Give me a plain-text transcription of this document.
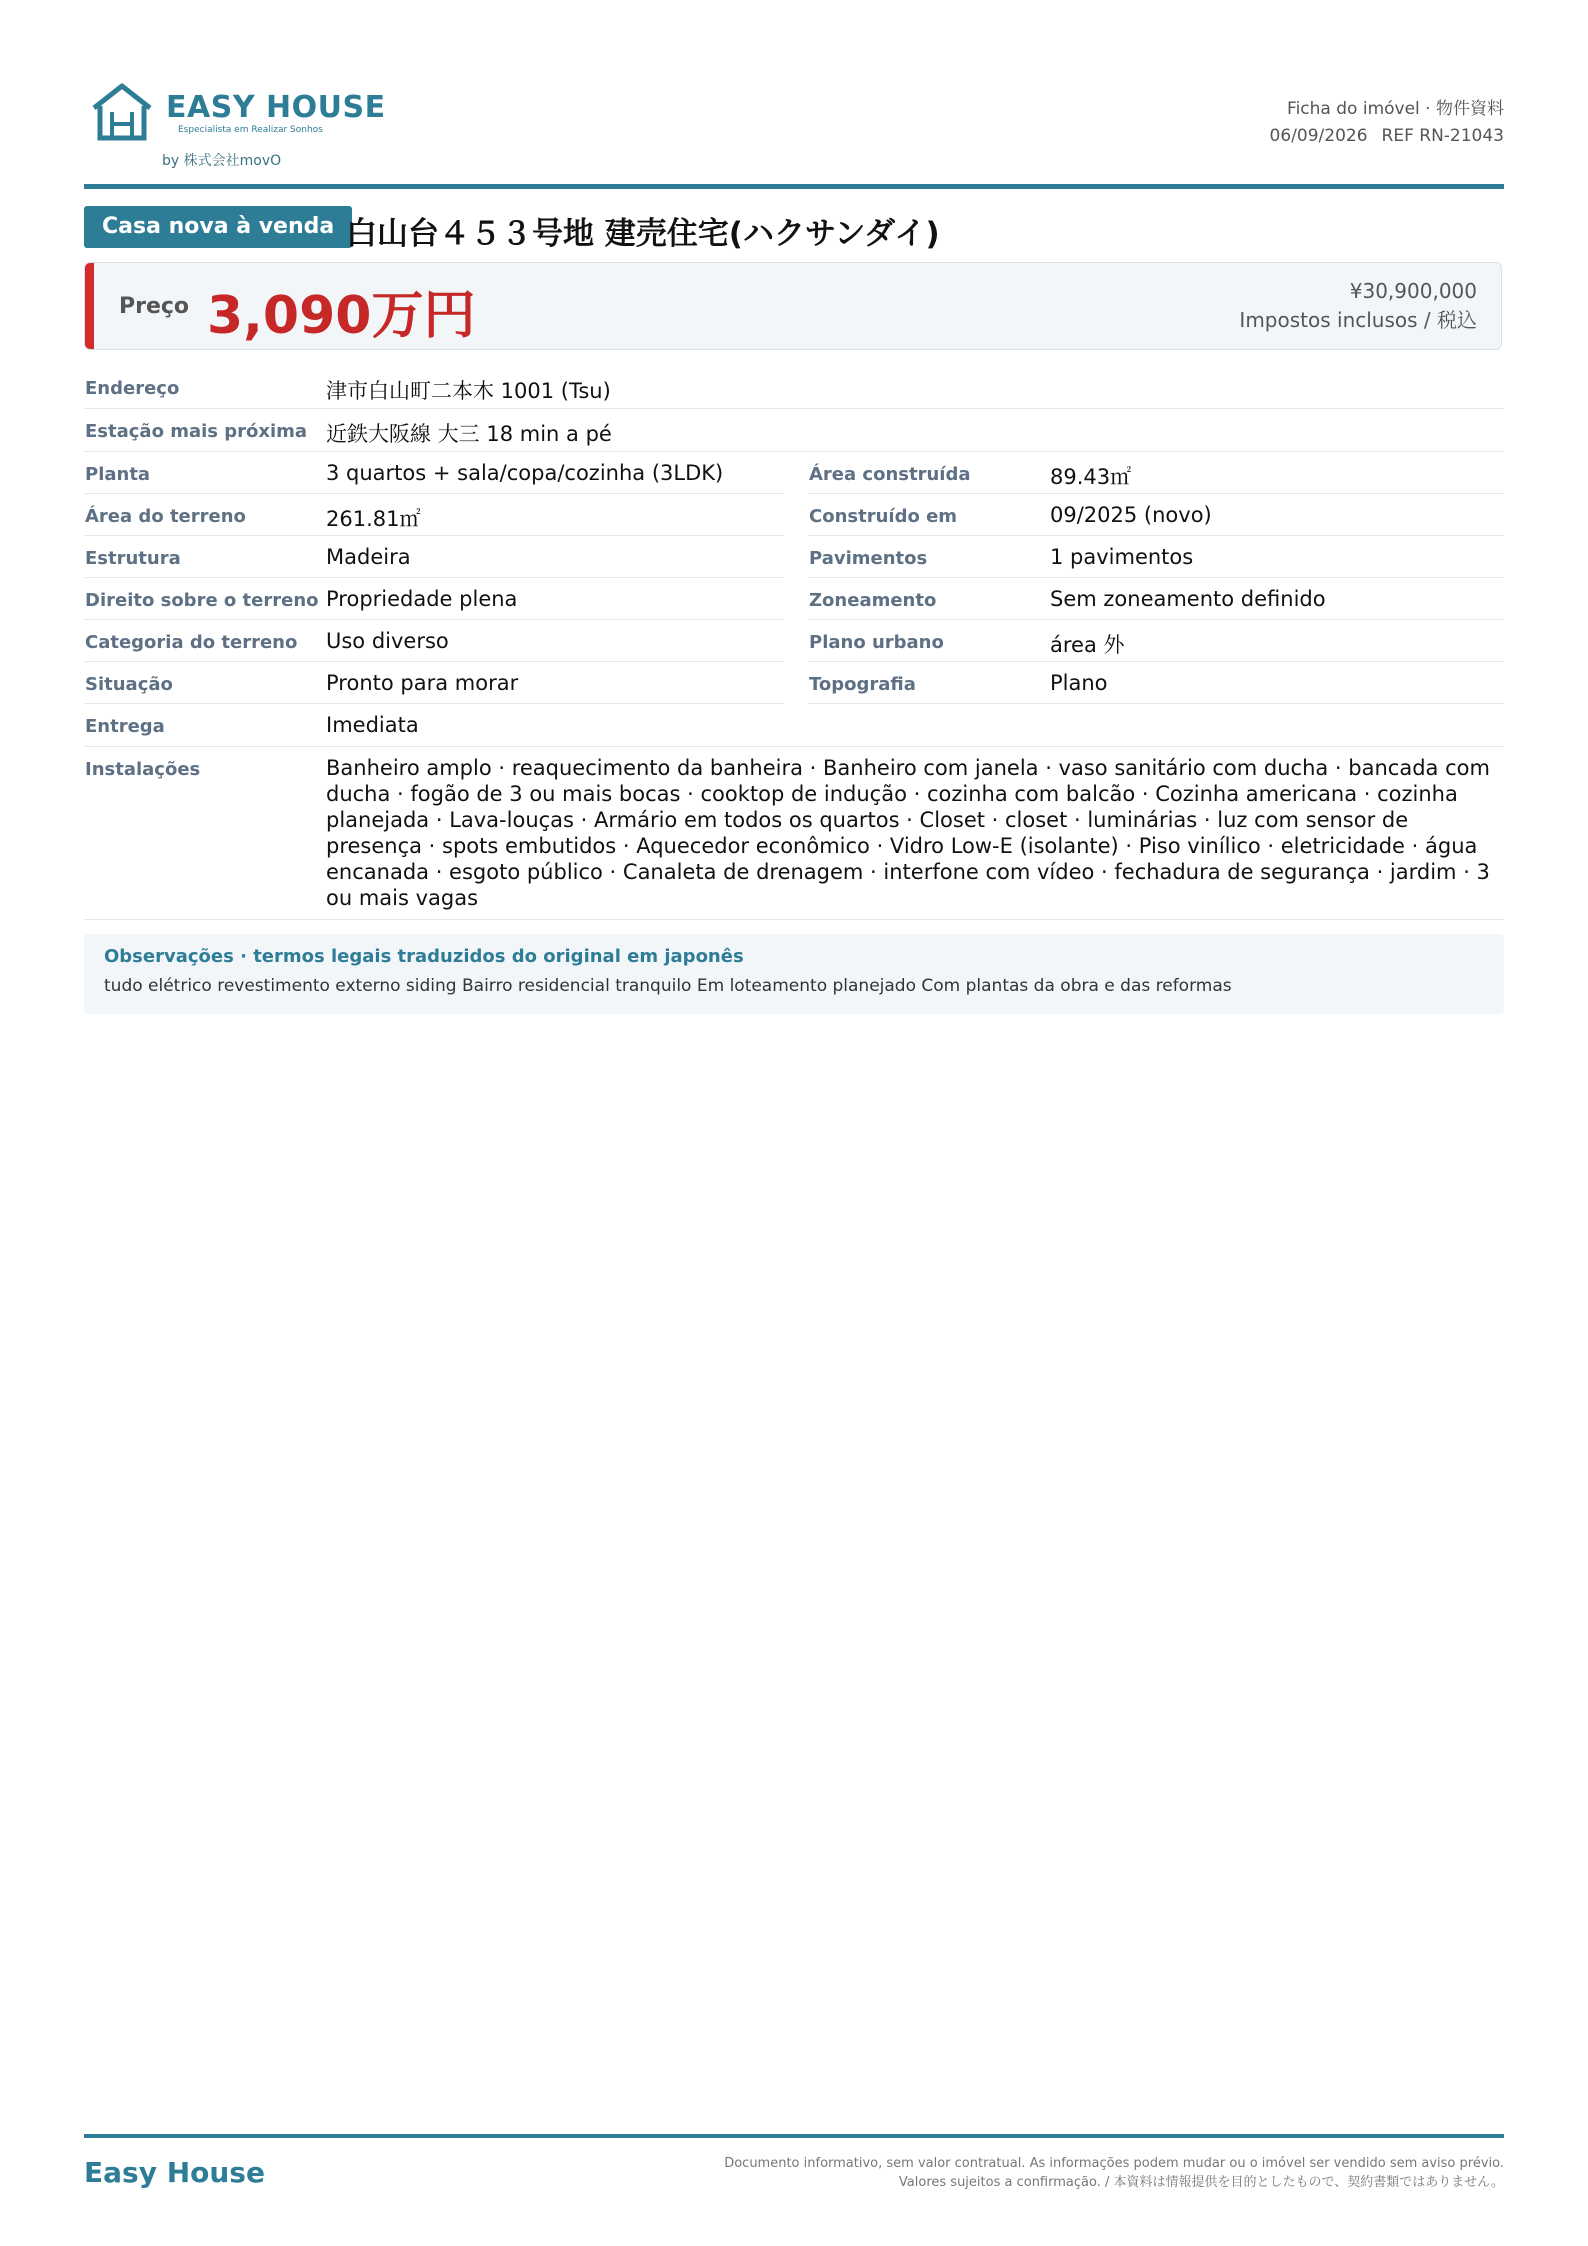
EASY HOUSE
Especialista em Realizar Sonhos
by 株式会社movO
Ficha do imóvel · 物件資料
06/09/2026 REF RN-21043
Casa nova à venda 白山台４５３号地 建売住宅(ハクサンダイ)
Preço 3,090万円	¥30,900,000
Impostos inclusos / 税込
Endereço	津市白山町二本木 1001 (Tsu)
Estação mais próxima 近鉄大阪線 大三 18 min a pé
Planta	3 quartos + sala/copa/cozinha (3LDK)	Área construída	89.43㎡
Área do terreno	261.81㎡	Construído em	09/2025 (novo)
Estrutura	Madeira	Pavimentos	1 pavimentos
Direito sobre o terreno Propriedade plena	Zoneamento	Sem zoneamento definido
Categoria do terreno Uso diverso	Plano urbano	área 外
Situação	Pronto para morar	Topografia	Plano
Entrega	Imediata
Instalações	Banheiro amplo · reaquecimento da banheira · Banheiro com janela · vaso sanitário com ducha · bancada com ducha · fogão de 3 ou mais bocas · cooktop de indução · cozinha com balcão · Cozinha americana · cozinha planejada · Lava-louças · Armário em todos os quartos · Closet · closet · luminárias · luz com sensor de presença · spots embutidos · Aquecedor econômico · Vidro Low-E (isolante) · Piso vinílico · eletricidade · água encanada · esgoto público · Canaleta de drenagem · interfone com vídeo · fechadura de segurança · jardim · 3 ou mais vagas
Observações · termos legais traduzidos do original em japonês
tudo elétrico revestimento externo siding Bairro residencial tranquilo Em loteamento planejado Com plantas da obra e das reformas
Easy House	Documento informativo, sem valor contratual. As informações podem mudar ou o imóvel ser vendido sem aviso prévio. Valores sujeitos a confirmação. / 本資料は情報提供を目的としたもので、契約書類ではありません。
